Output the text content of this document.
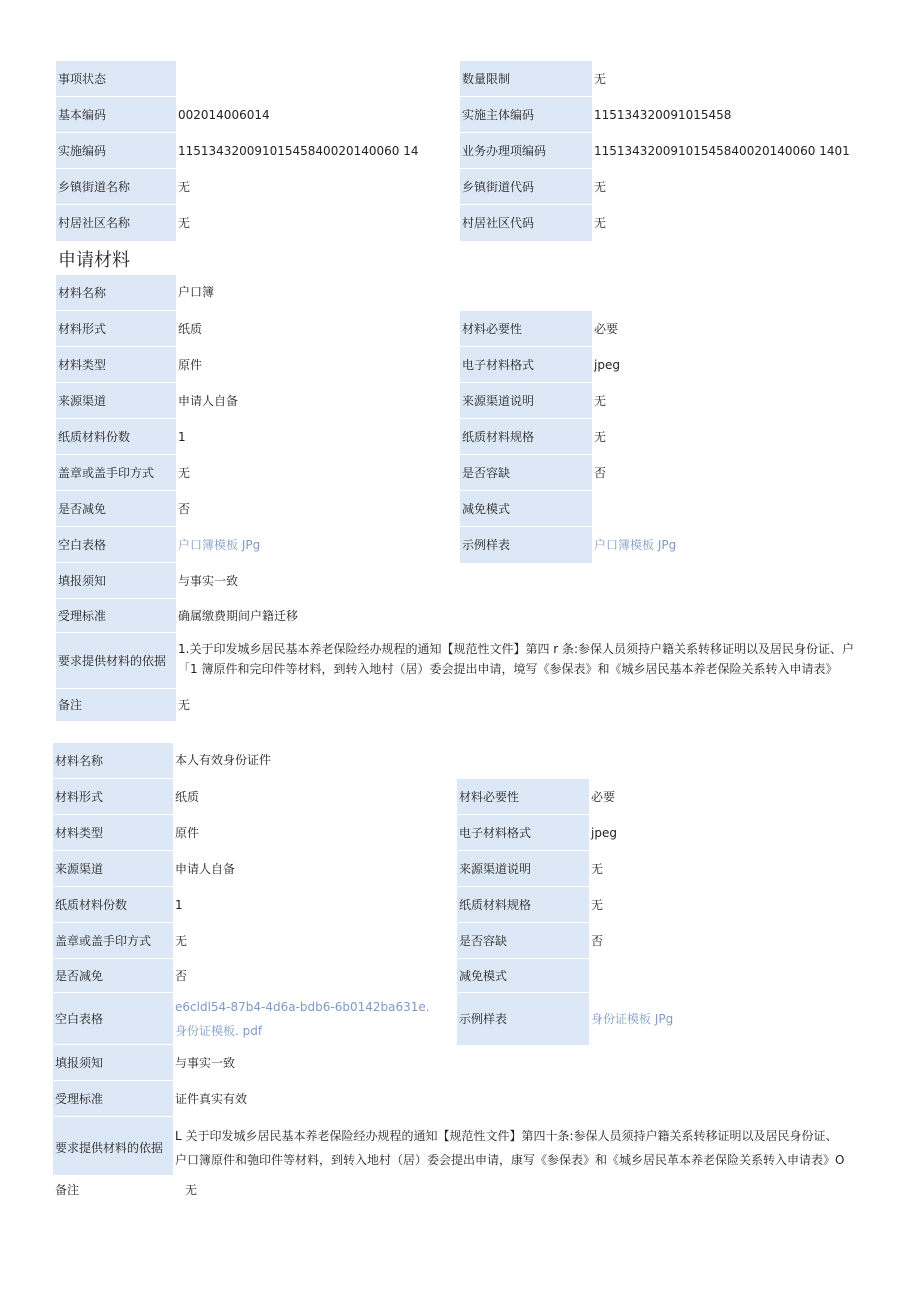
事项状态		数量限制	无
基本编码	002014006014	实施主体编码	115134320091015458
实施编码	11513432009101545840020140060 14	业务办理项编码	11513432009101545840020140060 1401
乡镇街道名称	无	乡镇街道代码	无
村居社区名称	无	村居社区代码	无
申请材料
材料名称	户口簿		
材料形式	纸质	材料必要性	必要
材料类型	原件	电子材料格式	jpeg
来源渠道	申请人自备	来源渠道说明	无
纸质材料份数	1	纸质材料规格	无
盖章或盖手印方式	无	是否容缺	否
是否减免	否	减免模式	
空白表格	户口簿模板 JPg	示例样表	户口簿模板 JPg
填报须知	与事实一致		
受理标准	确属缴费期间户籍迁移		
要求提供材料的依据	1.关于印发城乡居民基本养老保险经办规程的通知【规范性文件】第四 r 条:参保人员须持户籍关系转移证明以及居民身份证、户「1 簿原件和完印件等材料，到转入地村（居）委会提出申请，境写《参保表》和《城乡居民基本养老保险关系转入申请表》		

备注	无		
材料名称	本人有效身份证件		
材料形式	纸质	材料必要性	必要
材料类型	原件	电子材料格式	jpeg
来源渠道	申请人自备	来源渠道说明	无
纸质材料份数	1	纸质材料规格	无
盖章或盖手印方式	无	是否容缺	否
是否减免	否	减免模式	
空白表格	e6cldl54-87b4-4d6a-bdb6-6b0142ba631e.
身份证模板. pdf	示例样表	身份证模板 JPg
填报须知	与事实一致		
受理标准	证件真实有效		
要求提供材料的依据	L 关于印发城乡居民基本养老保险经办规程的通知【规范性文件】第四十条:参保人员须持户籍关系转移证明以及居民身份证、
户口簿原件和匏印件等材料，到转入地村（居）委会提出申请，康写《参保表》和《城乡居民革本养老保险关系转入申请表》O		

备注	无		
